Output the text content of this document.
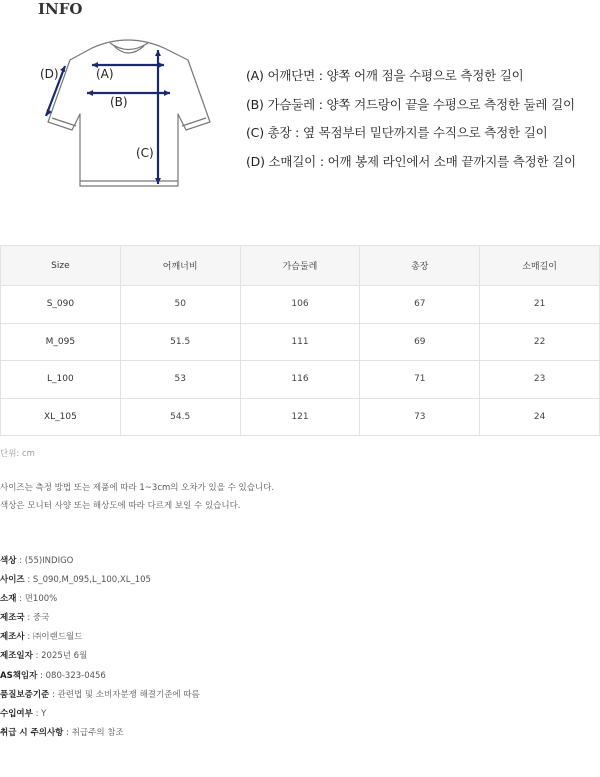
INFO
(A)
(B)
(C)
(D)	(A) 어깨단면 : 양쪽 어깨 점을 수평으로 측정한 길이
(B) 가슴둘레 : 양쪽 겨드랑이 끝을 수평으로 측정한 둘레 길이
(C) 총장 : 옆 목점부터 밑단까지를 수직으로 측정한 길이
(D) 소매길이 : 어깨 봉제 라인에서 소매 끝까지를 측정한 길이
Size	어깨너비	가슴둘레	총장	소매길이
S_090	50	106	67	21
M_095	51.5	111	69	22
L_100	53	116	71	23
XL_105	54.5	121	73	24
단위: cm
사이즈는 측정 방법 또는 제품에 따라 1~3cm의 오차가 있을 수 있습니다.
색상은 모니터 사양 또는 해상도에 따라 다르게 보일 수 있습니다.
색상 : (55)INDIGO
사이즈 : S_090,M_095,L_100,XL_105
소재 : 면100%
제조국 : 중국
제조사 : ㈜이랜드월드
제조일자 : 2025년 6월
AS책임자 : 080-323-0456
품질보증기준 : 관련법 및 소비자분쟁 해결기준에 따름
수입여부 : Y
취급 시 주의사항 : 취급주의 참조
